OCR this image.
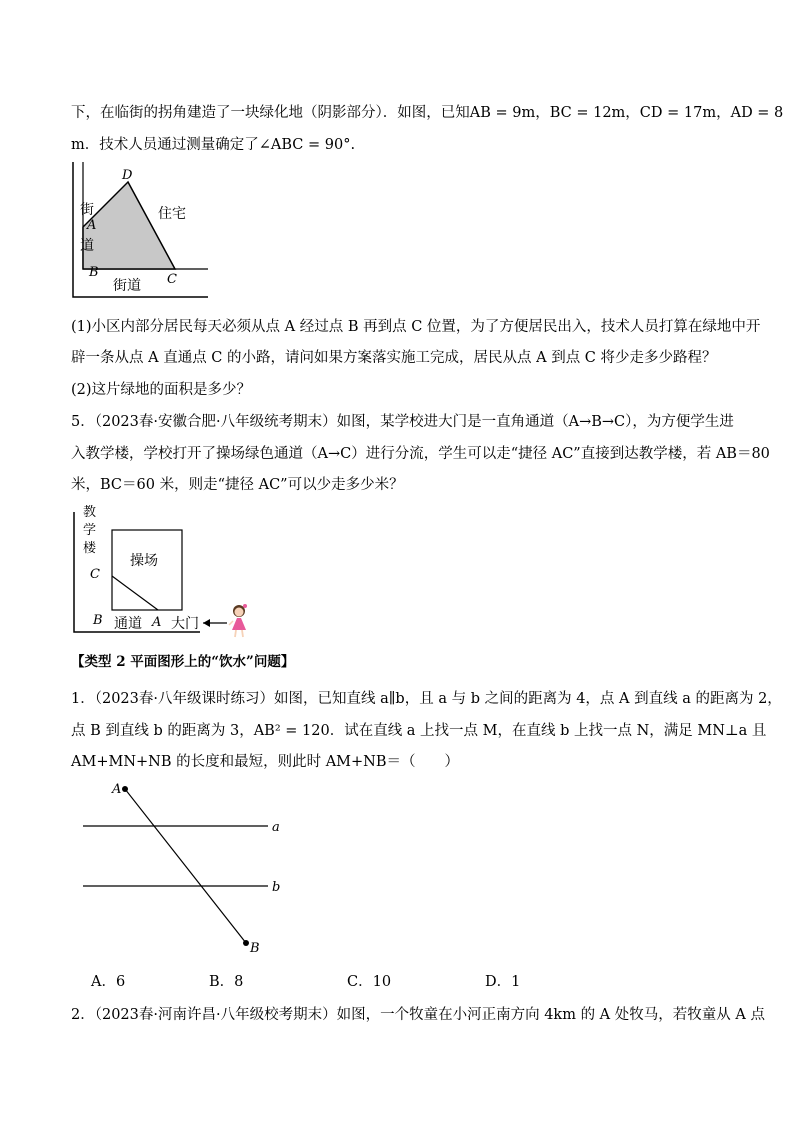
下，在临街的拐角建造了一块绿化地（阴影部分）．如图，已知AB = 9m，BC = 12m，CD = 17m，AD = 8
m．技术人员通过测量确定了∠ABC = 90°.
D
A
B	C
街
道
街道
住宅
(1)小区内部分居民每天必须从点 A 经过点 B 再到点 C 位置，为了方便居民出入，技术人员打算在绿地中开
辟一条从点 A 直通点 C 的小路，请问如果方案落实施工完成，居民从点 A 到点 C 将少走多少路程？
(2)这片绿地的面积是多少？
5．（2023春·安徽合肥·八年级统考期末）如图，某学校进大门是一直角通道（A→B→C），为方便学生进
入教学楼，学校打开了操场绿色通道（A→C）进行分流，学生可以走“捷径 AC”直接到达教学楼，若 AB＝80
米，BC＝60 米，则走“捷径 AC”可以少走多少米？
教
学
楼
操场
C
B 通道 A 大门
【类型 2 平面图形上的“饮水”问题】
1．（2023春·八年级课时练习）如图，已知直线 a∥b，且 a 与 b 之间的距离为 4，点 A 到直线 a 的距离为 2，
点 B 到直线 b 的距离为 3，AB² = 120．试在直线 a 上找一点 M，在直线 b 上找一点 N，满足 MN⊥a 且
AM+MN+NB 的长度和最短，则此时 AM+NB＝（　　）
A
B
a
b
A．6	B．8	C．10	D．1
2．（2023春·河南许昌·八年级校考期末）如图，一个牧童在小河正南方向 4km 的 A 处牧马，若牧童从 A 点
